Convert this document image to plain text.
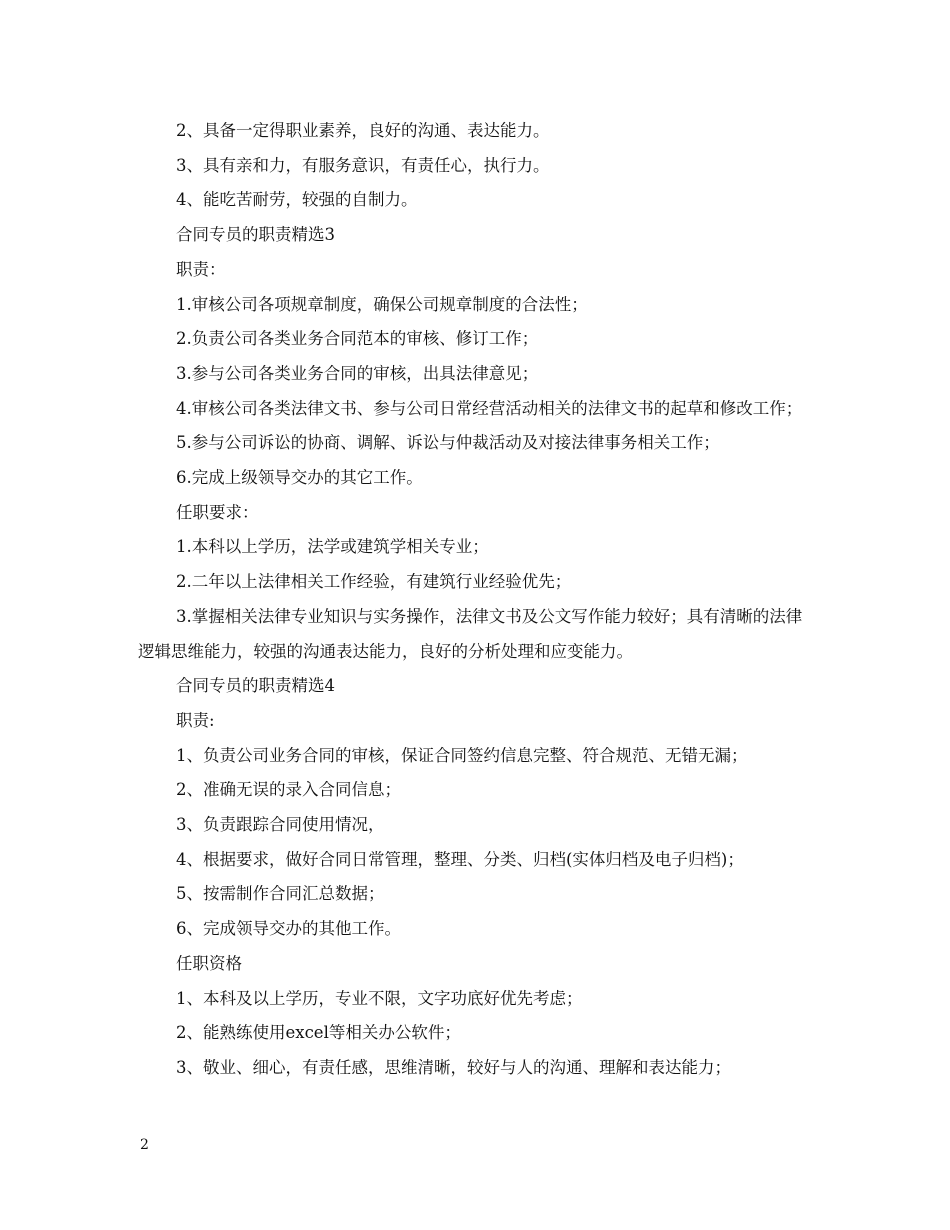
2、具备一定得职业素养，良好的沟通、表达能力。

3、具有亲和力，有服务意识，有责任心，执行力。

4、能吃苦耐劳，较强的自制力。

合同专员的职责精选3

职责：

1.审核公司各项规章制度，确保公司规章制度的合法性；

2.负责公司各类业务合同范本的审核、修订工作；

3.参与公司各类业务合同的审核，出具法律意见；

4.审核公司各类法律文书、参与公司日常经营活动相关的法律文书的起草和修改工作；

5.参与公司诉讼的协商、调解、诉讼与仲裁活动及对接法律事务相关工作；

6.完成上级领导交办的其它工作。

任职要求：

1.本科以上学历，法学或建筑学相关专业；

2.二年以上法律相关工作经验，有建筑行业经验优先；

3.掌握相关法律专业知识与实务操作，法律文书及公文写作能力较好；具有清晰的法律逻辑思维能力，较强的沟通表达能力，良好的分析处理和应变能力。

合同专员的职责精选4

职责:

1、负责公司业务合同的审核，保证合同签约信息完整、符合规范、无错无漏；

2、准确无误的录入合同信息；

3、负责跟踪合同使用情况，

4、根据要求，做好合同日常管理，整理、分类、归档(实体归档及电子归档)；

5、按需制作合同汇总数据；

6、完成领导交办的其他工作。

任职资格

1、本科及以上学历，专业不限，文字功底好优先考虑；

2、能熟练使用excel等相关办公软件；

3、敬业、细心，有责任感，思维清晰，较好与人的沟通、理解和表达能力；

2
